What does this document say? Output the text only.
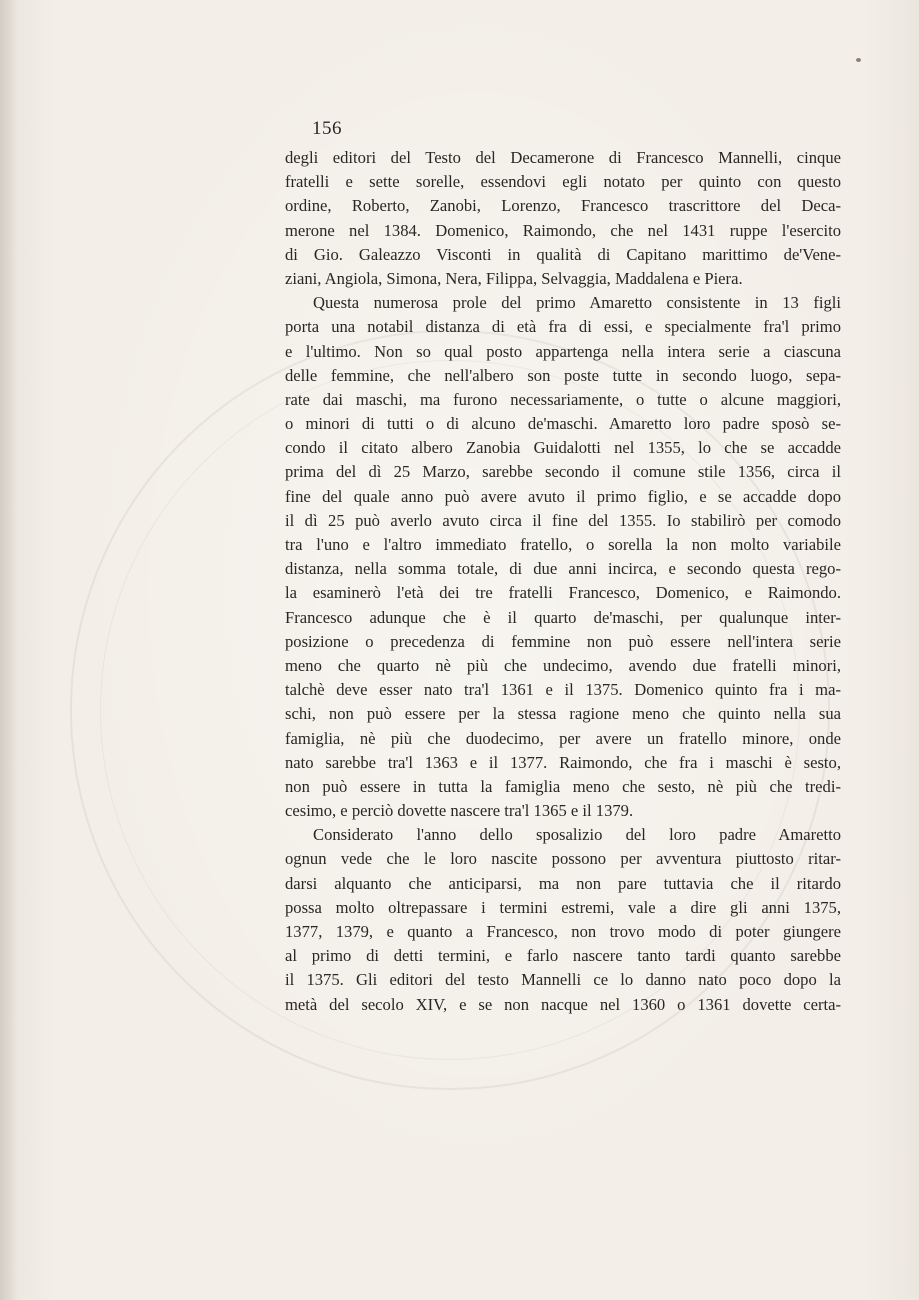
156
degli editori del Testo del Decamerone di Francesco Mannelli, cinque
fratelli e sette sorelle, essendovi egli notato per quinto con questo
ordine, Roberto, Zanobi, Lorenzo, Francesco trascrittore del Deca-
merone nel 1384. Domenico, Raimondo, che nel 1431 ruppe l'esercito
di Gio. Galeazzo Visconti in qualità di Capitano marittimo de'Vene-
ziani, Angiola, Simona, Nera, Filippa, Selvaggia, Maddalena e Piera.
Questa numerosa prole del primo Amaretto consistente in 13 figli
porta una notabil distanza di età fra di essi, e specialmente fra'l primo
e l'ultimo. Non so qual posto appartenga nella intera serie a ciascuna
delle femmine, che nell'albero son poste tutte in secondo luogo, sepa-
rate dai maschi, ma furono necessariamente, o tutte o alcune maggiori,
o minori di tutti o di alcuno de'maschi. Amaretto loro padre sposò se-
condo il citato albero Zanobia Guidalotti nel 1355, lo che se accadde
prima del dì 25 Marzo, sarebbe secondo il comune stile 1356, circa il
fine del quale anno può avere avuto il primo figlio, e se accadde dopo
il dì 25 può averlo avuto circa il fine del 1355. Io stabilirò per comodo
tra l'uno e l'altro immediato fratello, o sorella la non molto variabile
distanza, nella somma totale, di due anni incirca, e secondo questa rego-
la esaminerò l'età dei tre fratelli Francesco, Domenico, e Raimondo.
Francesco adunque che è il quarto de'maschi, per qualunque inter-
posizione o precedenza di femmine non può essere nell'intera serie
meno che quarto nè più che undecimo, avendo due fratelli minori,
talchè deve esser nato tra'l 1361 e il 1375. Domenico quinto fra i ma-
schi, non può essere per la stessa ragione meno che quinto nella sua
famiglia, nè più che duodecimo, per avere un fratello minore, onde
nato sarebbe tra'l 1363 e il 1377. Raimondo, che fra i maschi è sesto,
non può essere in tutta la famiglia meno che sesto, nè più che tredi-
cesimo, e perciò dovette nascere tra'l 1365 e il 1379.
Considerato l'anno dello sposalizio del loro padre Amaretto
ognun vede che le loro nascite possono per avventura piuttosto ritar-
darsi alquanto che anticiparsi, ma non pare tuttavia che il ritardo
possa molto oltrepassare i termini estremi, vale a dire gli anni 1375,
1377, 1379, e quanto a Francesco, non trovo modo di poter giungere
al primo di detti termini, e farlo nascere tanto tardi quanto sarebbe
il 1375. Gli editori del testo Mannelli ce lo danno nato poco dopo la
metà del secolo XIV, e se non nacque nel 1360 o 1361 dovette certa-
